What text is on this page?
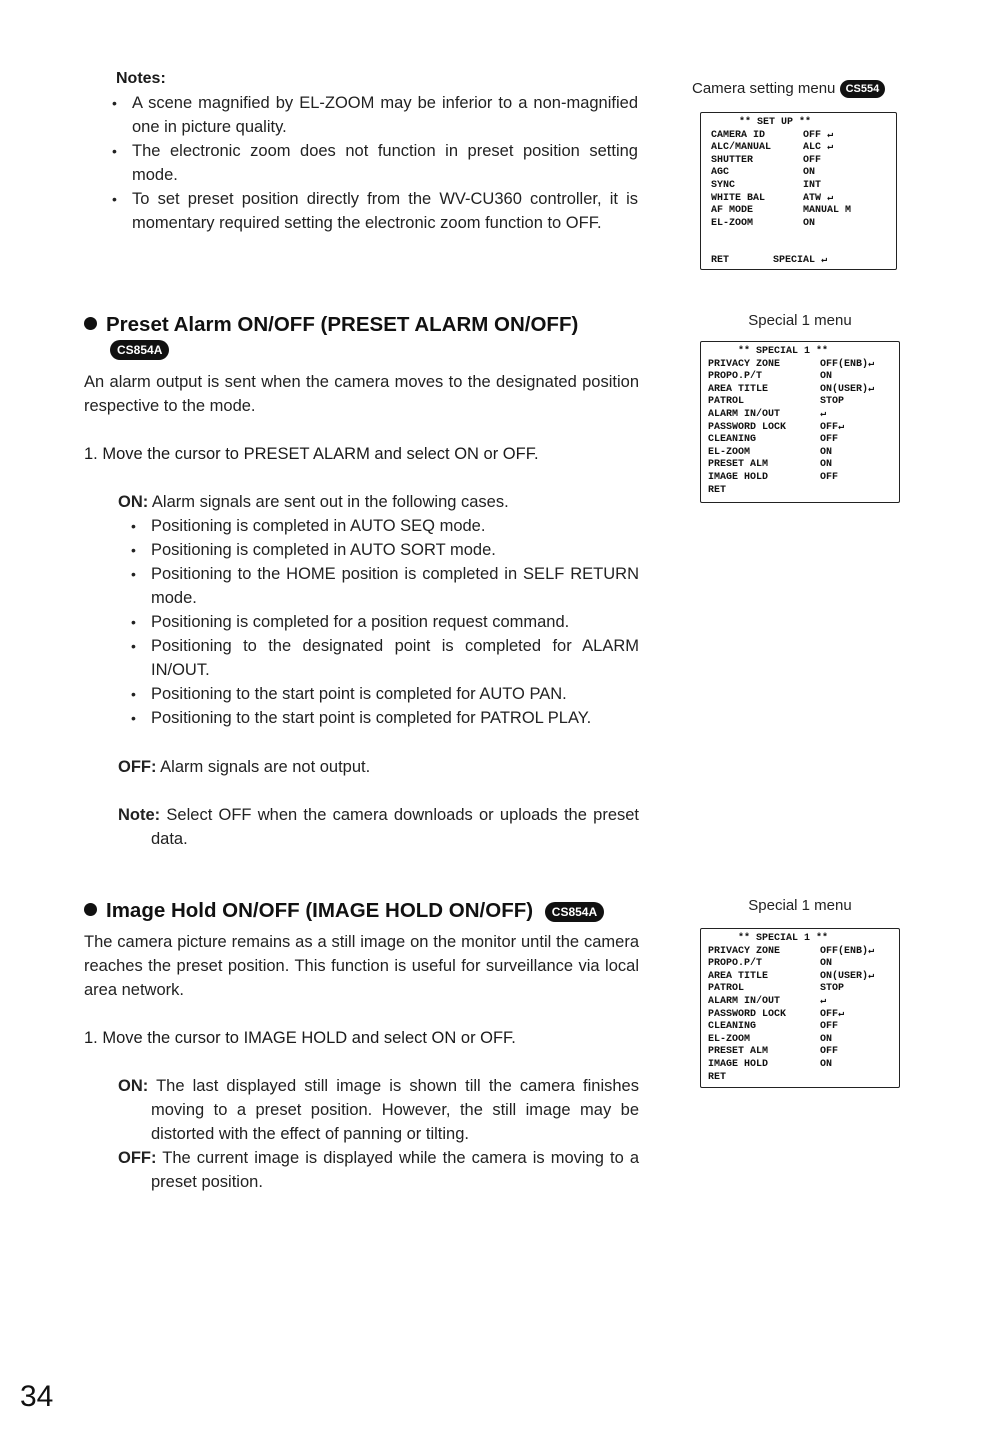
Notes:
• A scene magnified by EL-ZOOM may be inferior to a non-magnified one in picture quality.
• The electronic zoom does not function in preset position setting mode.
• To set preset position directly from the WV-CU360 controller, it is momentary required setting the electronic zoom function to OFF.
Camera setting menu CS554
** SET UP **
CAMERA ID	OFF ↵
ALC/MANUAL	ALC ↵
SHUTTER	OFF
AGC	ON
SYNC	INT
WHITE BAL	ATW ↵
AF MODE	MANUAL M
EL-ZOOM	ON
RET	SPECIAL ↵
Preset Alarm ON/OFF (PRESET ALARM ON/OFF)
CS854A
An alarm output is sent when the camera moves to the designated position respective to the mode.
1. Move the cursor to PRESET ALARM and select ON or OFF.
ON: Alarm signals are sent out in the following cases.
• Positioning is completed in AUTO SEQ mode.
• Positioning is completed in AUTO SORT mode.
• Positioning to the HOME position is completed in SELF RETURN mode.
• Positioning is completed for a position request command.
• Positioning to the designated point is completed for ALARM IN/OUT.
• Positioning to the start point is completed for AUTO PAN.
• Positioning to the start point is completed for PATROL PLAY.
OFF: Alarm signals are not output.
Note: Select OFF when the camera downloads or uploads the preset data.
Special 1 menu
** SPECIAL 1 **
PRIVACY ZONE	OFF(ENB)↵
PROPO.P/T	ON
AREA TITLE	ON(USER)↵
PATROL	STOP
ALARM IN/OUT	↵
PASSWORD LOCK	OFF↵
CLEANING	OFF
EL-ZOOM	ON
PRESET ALM	ON
IMAGE HOLD	OFF
RET
Image Hold ON/OFF (IMAGE HOLD ON/OFF) CS854A
The camera picture remains as a still image on the monitor until the camera reaches the preset position. This function is useful for surveillance via local area network.
1. Move the cursor to IMAGE HOLD and select ON or OFF.
ON: The last displayed still image is shown till the camera finishes moving to a preset position. However, the still image may be distorted with the effect of panning or tilting.
OFF: The current image is displayed while the camera is moving to a preset position.
Special 1 menu
** SPECIAL 1 **
PRIVACY ZONE	OFF(ENB)↵
PROPO.P/T	ON
AREA TITLE	ON(USER)↵
PATROL	STOP
ALARM IN/OUT	↵
PASSWORD LOCK	OFF↵
CLEANING	OFF
EL-ZOOM	ON
PRESET ALM	OFF
IMAGE HOLD	ON
RET
34
